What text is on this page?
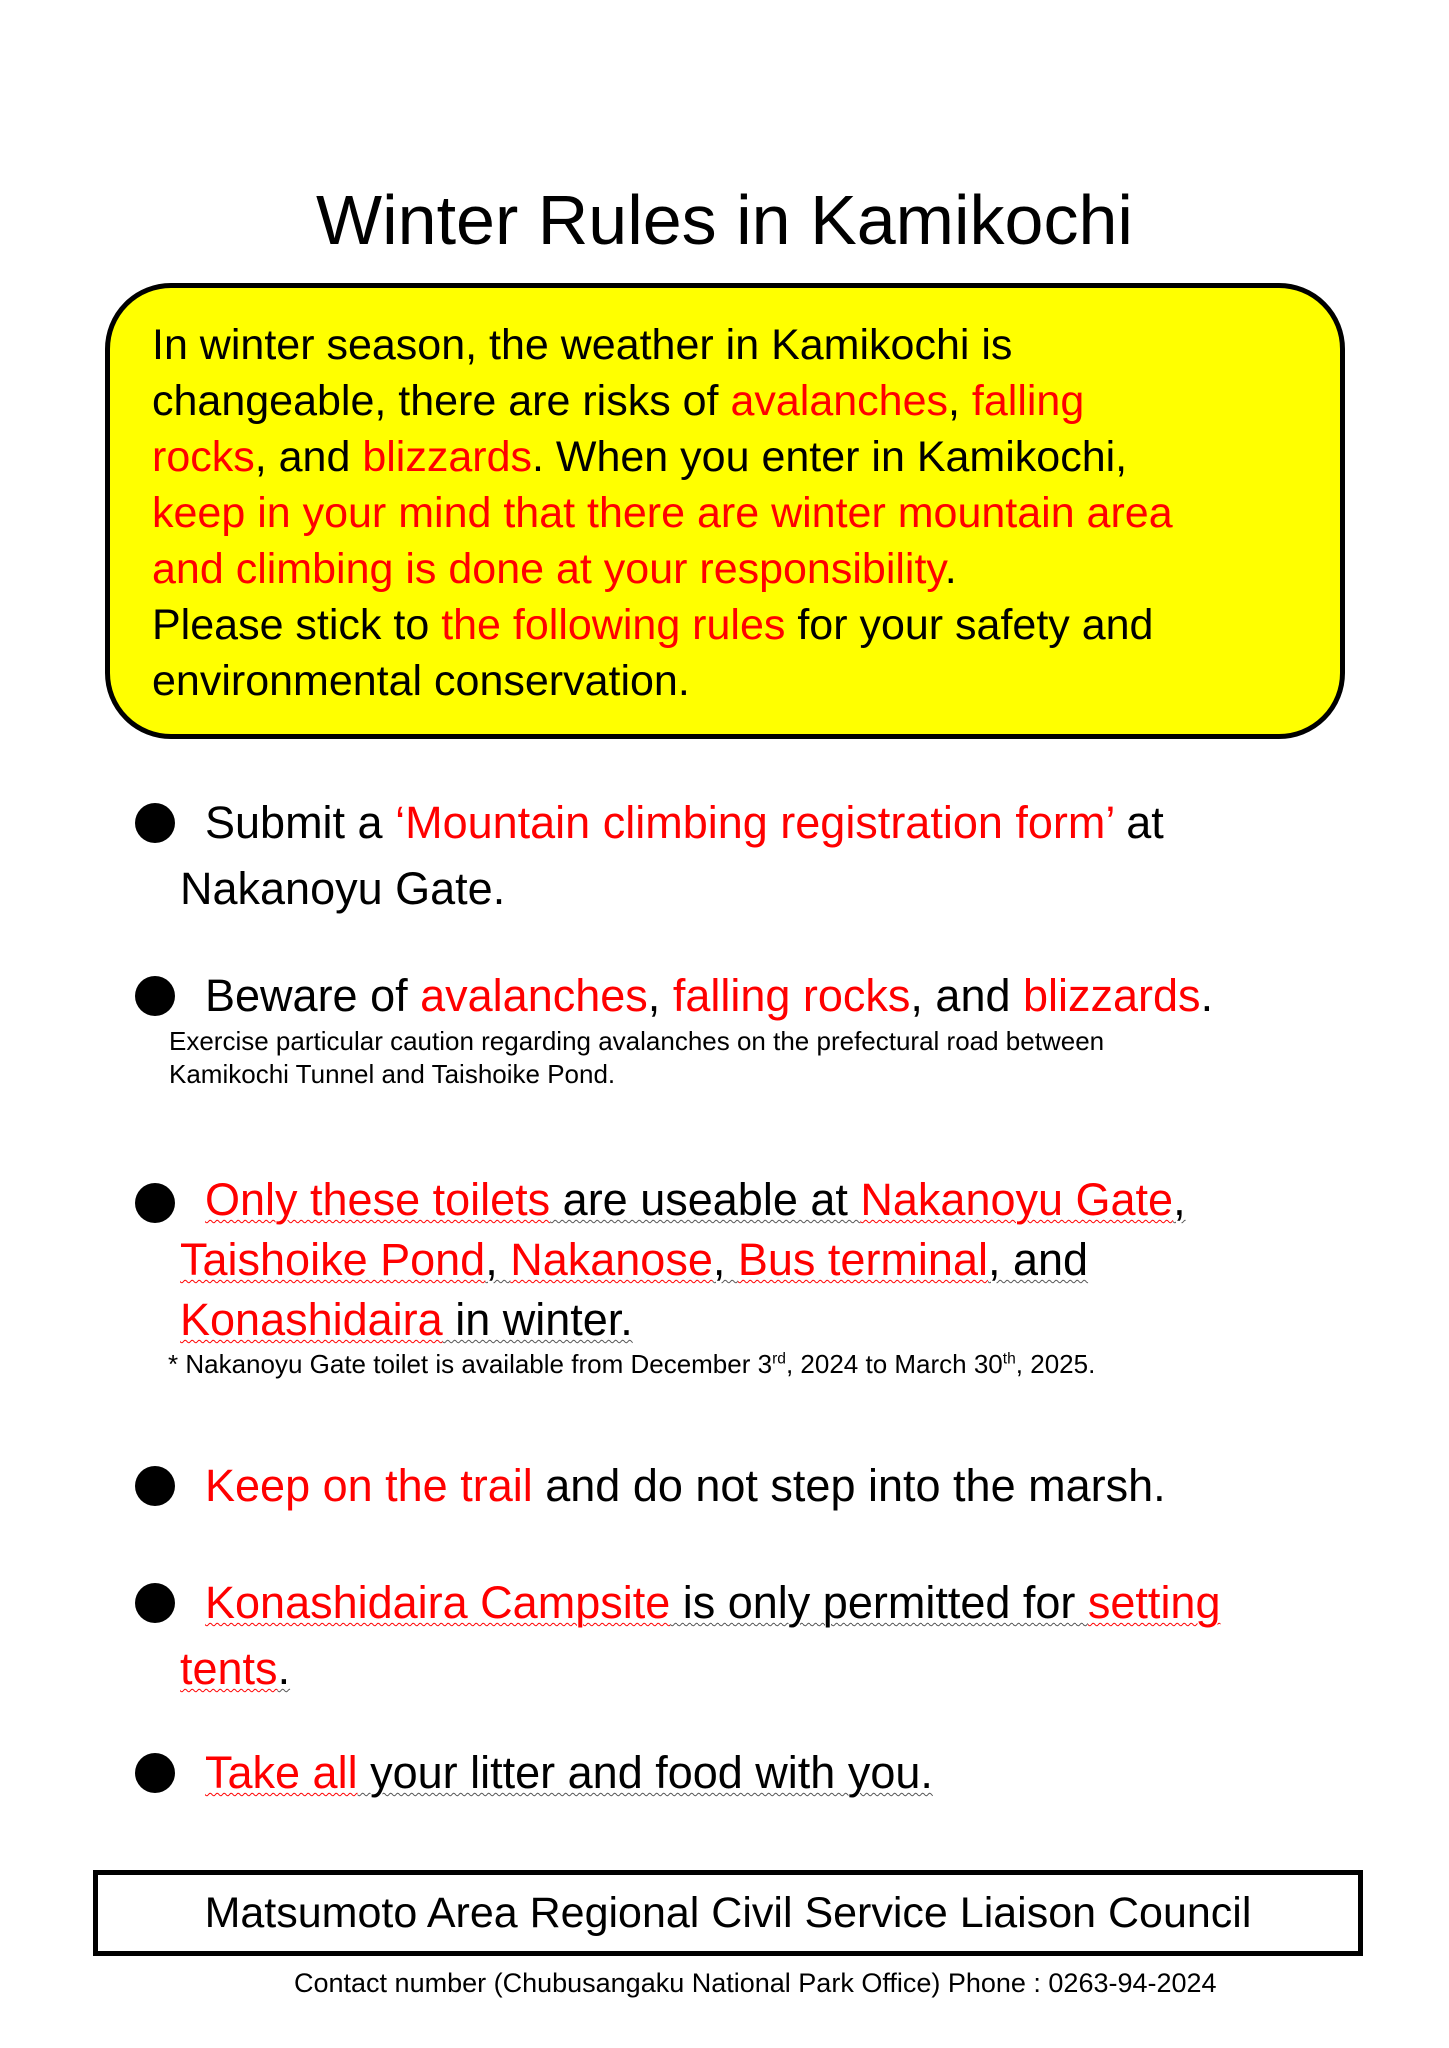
Winter Rules in Kamikochi
In winter season, the weather in Kamikochi is
changeable, there are risks of avalanches, falling
rocks, and blizzards. When you enter in Kamikochi,
keep in your mind that there are winter mountain area
and climbing is done at your responsibility.
Please stick to the following rules for your safety and
environmental conservation.
Submit a ‘Mountain climbing registration form’ at
Nakanoyu Gate.
Beware of avalanches, falling rocks, and blizzards.
Exercise particular caution regarding avalanches on the prefectural road between
Kamikochi Tunnel and Taishoike Pond.
Only these toilets are useable at Nakanoyu Gate,
Taishoike Pond, Nakanose, Bus terminal, and
Konashidaira in winter.
* Nakanoyu Gate toilet is available from December 3rd, 2024 to March 30th, 2025.
Keep on the trail and do not step into the marsh.
Konashidaira Campsite is only permitted for setting
tents.
Take all your litter and food with you.
Matsumoto Area Regional Civil Service Liaison Council
Contact number (Chubusangaku National Park Office) Phone : 0263-94-2024
